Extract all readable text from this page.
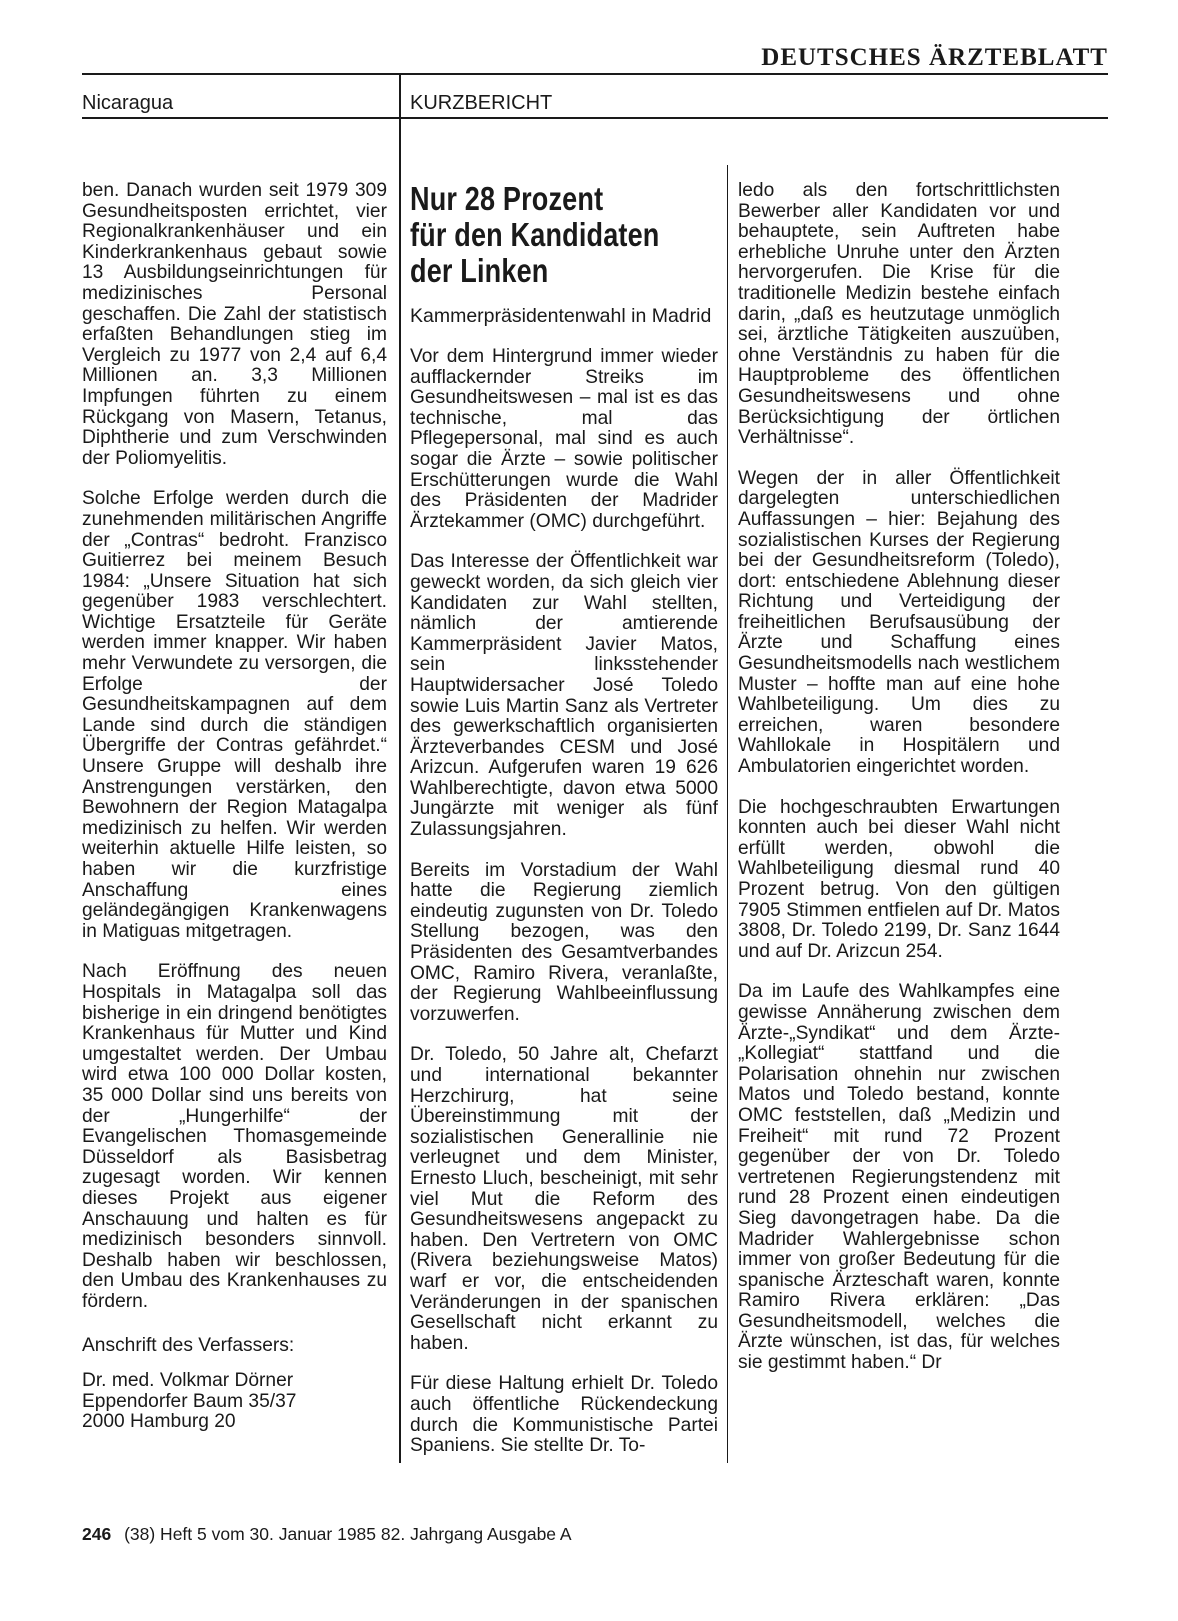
DEUTSCHES ÄRZTEBLATT
Nicaragua	KURZBERICHT

ben. Danach wurden seit 1979 309 Gesundheitsposten errichtet, vier Regionalkrankenhäuser und ein Kinderkrankenhaus gebaut sowie 13 Ausbildungseinrichtungen für medizinisches Personal geschaffen. Die Zahl der statistisch erfaßten Behandlungen stieg im Vergleich zu 1977 von 2,4 auf 6,4 Millionen an. 3,3 Millionen Impfungen führten zu einem Rückgang von Masern, Tetanus, Diphtherie und zum Verschwinden der Poliomyelitis.

Solche Erfolge werden durch die zunehmenden militärischen Angriffe der „Contras“ bedroht. Franzisco Guitierrez bei meinem Besuch 1984: „Unsere Situation hat sich gegenüber 1983 verschlechtert. Wichtige Ersatzteile für Geräte werden immer knapper. Wir haben mehr Verwundete zu versorgen, die Erfolge der Gesundheitskampagnen auf dem Lande sind durch die ständigen Übergriffe der Contras gefährdet.“ Unsere Gruppe will deshalb ihre Anstrengungen verstärken, den Bewohnern der Region Matagalpa medizinisch zu helfen. Wir werden weiterhin aktuelle Hilfe leisten, so haben wir die kurzfristige Anschaffung eines geländegängigen Krankenwagens in Matiguas mitgetragen.

Nach Eröffnung des neuen Hospitals in Matagalpa soll das bisherige in ein dringend benötigtes Krankenhaus für Mutter und Kind umgestaltet werden. Der Umbau wird etwa 100 000 Dollar kosten, 35 000 Dollar sind uns bereits von der „Hungerhilfe“ der Evangelischen Thomasgemeinde Düsseldorf als Basisbetrag zugesagt worden. Wir kennen dieses Projekt aus eigener Anschauung und halten es für medizinisch besonders sinnvoll. Deshalb haben wir beschlossen, den Umbau des Krankenhauses zu fördern.

Anschrift des Verfassers:

Dr. med. Volkmar Dörner

Eppendorfer Baum 35/37

2000 Hamburg 20

Nur 28 Prozent
für den Kandidaten
der Linken

Kammerpräsidentenwahl in Madrid

Vor dem Hintergrund immer wieder aufflackernder Streiks im Gesundheitswesen – mal ist es das technische, mal das Pflegepersonal, mal sind es auch sogar die Ärzte – sowie politischer Erschütterungen wurde die Wahl des Präsidenten der Madrider Ärztekammer (OMC) durchgeführt.

Das Interesse der Öffentlichkeit war geweckt worden, da sich gleich vier Kandidaten zur Wahl stellten, nämlich der amtierende Kammerpräsident Javier Matos, sein linksstehender Hauptwidersacher José Toledo sowie Luis Martin Sanz als Vertreter des gewerkschaftlich organisierten Ärzteverbandes CESM und José Arizcun. Aufgerufen waren 19 626 Wahlberechtigte, davon etwa 5000 Jungärzte mit weniger als fünf Zulassungsjahren.

Bereits im Vorstadium der Wahl hatte die Regierung ziemlich eindeutig zugunsten von Dr. Toledo Stellung bezogen, was den Präsidenten des Gesamtverbandes OMC, Ramiro Rivera, veranlaßte, der Regierung Wahlbeeinflussung vorzuwerfen.

Dr. Toledo, 50 Jahre alt, Chefarzt und international bekannter Herzchirurg, hat seine Übereinstimmung mit der sozialistischen Generallinie nie verleugnet und dem Minister, Ernesto Lluch, bescheinigt, mit sehr viel Mut die Reform des Gesundheitswesens angepackt zu haben. Den Vertretern von OMC (Rivera beziehungsweise Matos) warf er vor, die entscheidenden Veränderungen in der spanischen Gesellschaft nicht erkannt zu haben.

Für diese Haltung erhielt Dr. Toledo auch öffentliche Rückendeckung durch die Kommunistische Partei Spaniens. Sie stellte Dr. To-

ledo als den fortschrittlichsten Bewerber aller Kandidaten vor und behauptete, sein Auftreten habe erhebliche Unruhe unter den Ärzten hervorgerufen. Die Krise für die traditionelle Medizin bestehe einfach darin, „daß es heutzutage unmöglich sei, ärztliche Tätigkeiten auszuüben, ohne Verständnis zu haben für die Hauptprobleme des öffentlichen Gesundheitswesens und ohne Berücksichtigung der örtlichen Verhältnisse“.

Wegen der in aller Öffentlichkeit dargelegten unterschiedlichen Auffassungen – hier: Bejahung des sozialistischen Kurses der Regierung bei der Gesundheitsreform (Toledo), dort: entschiedene Ablehnung dieser Richtung und Verteidigung der freiheitlichen Berufsausübung der Ärzte und Schaffung eines Gesundheitsmodells nach westlichem Muster – hoffte man auf eine hohe Wahlbeteiligung. Um dies zu erreichen, waren besondere Wahllokale in Hospitälern und Ambulatorien eingerichtet worden.

Die hochgeschraubten Erwartungen konnten auch bei dieser Wahl nicht erfüllt werden, obwohl die Wahlbeteiligung diesmal rund 40 Prozent betrug. Von den gültigen 7905 Stimmen entfielen auf Dr. Matos 3808, Dr. Toledo 2199, Dr. Sanz 1644 und auf Dr. Arizcun 254.

Da im Laufe des Wahlkampfes eine gewisse Annäherung zwischen dem Ärzte-„Syndikat“ und dem Ärzte-„Kollegiat“ stattfand und die Polarisation ohnehin nur zwischen Matos und Toledo bestand, konnte OMC feststellen, daß „Medizin und Freiheit“ mit rund 72 Prozent gegenüber der von Dr. Toledo vertretenen Regierungstendenz mit rund 28 Prozent einen eindeutigen Sieg davongetragen habe. Da die Madrider Wahlergebnisse schon immer von großer Bedeutung für die spanische Ärzteschaft waren, konnte Ramiro Rivera erklären: „Das Gesundheitsmodell, welches die Ärzte wünschen, ist das, für welches sie gestimmt haben.“ Dr

246 (38) Heft 5 vom 30. Januar 1985 82. Jahrgang Ausgabe A
